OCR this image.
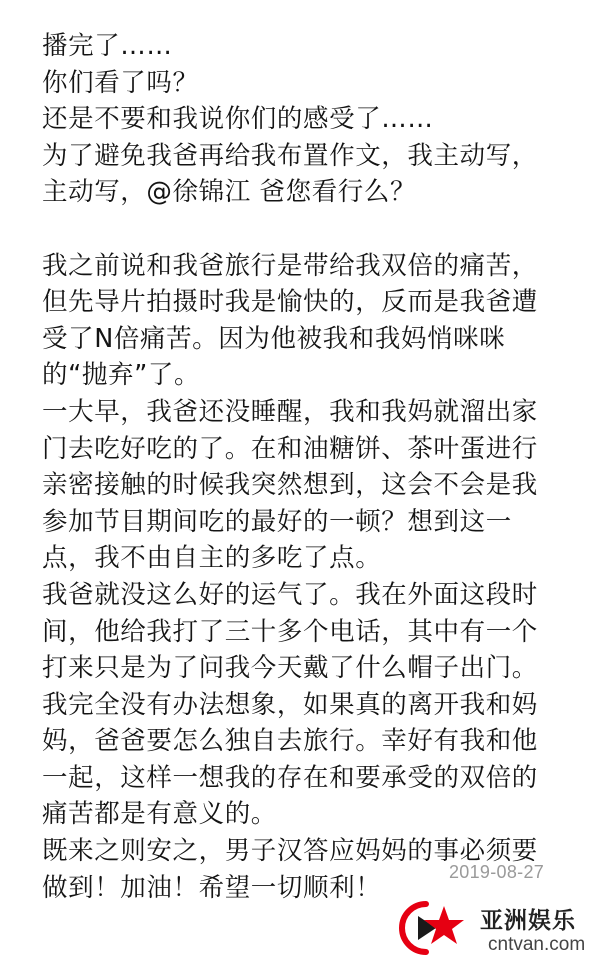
播完了……
你们看了吗？
还是不要和我说你们的感受了……
为了避免我爸再给我布置作文，我主动写，
主动写，@徐锦江 爸您看行么？
我之前说和我爸旅行是带给我双倍的痛苦，
但先导片拍摄时我是愉快的，反而是我爸遭
受了N倍痛苦。因为他被我和我妈悄咪咪
的“抛弃”了。
一大早，我爸还没睡醒，我和我妈就溜出家
门去吃好吃的了。在和油糖饼、茶叶蛋进行
亲密接触的时候我突然想到，这会不会是我
参加节目期间吃的最好的一顿？想到这一
点，我不由自主的多吃了点。
我爸就没这么好的运气了。我在外面这段时
间，他给我打了三十多个电话，其中有一个
打来只是为了问我今天戴了什么帽子出门。
我完全没有办法想象，如果真的离开我和妈
妈，爸爸要怎么独自去旅行。幸好有我和他
一起，这样一想我的存在和要承受的双倍的
痛苦都是有意义的。
既来之则安之，男子汉答应妈妈的事必须要
做到！加油！希望一切顺利！
2019-08-27
亚洲娱乐
cntvan.com
